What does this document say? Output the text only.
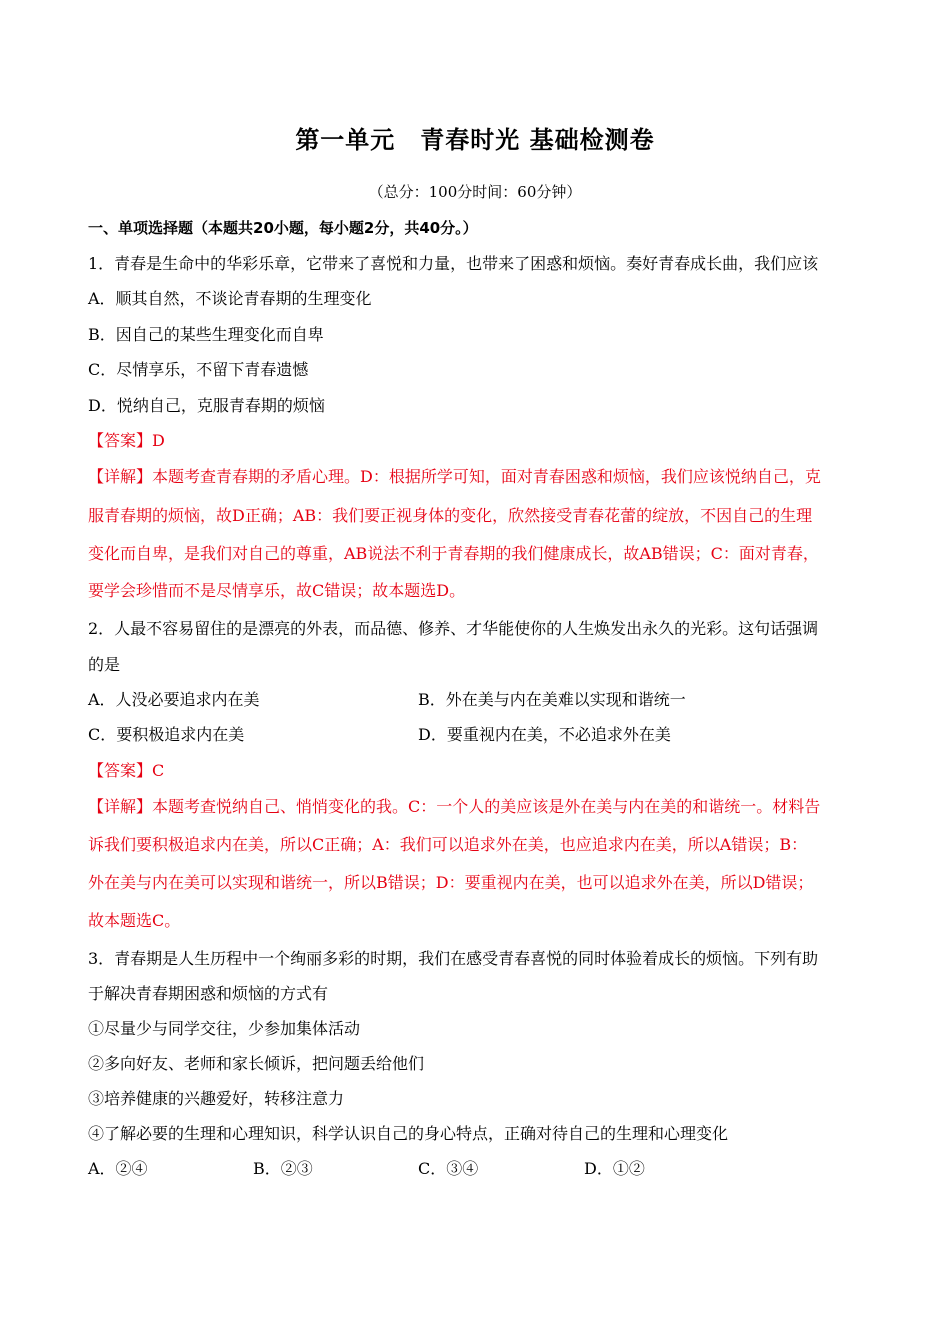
第一单元　青春时光 基础检测卷
（总分：100分时间：60分钟）
一、单项选择题（本题共20小题，每小题2分，共40分。）
1．青春是生命中的华彩乐章，它带来了喜悦和力量，也带来了困惑和烦恼。奏好青春成长曲，我们应该
A．顺其自然，不谈论青春期的生理变化
B．因自己的某些生理变化而自卑
C．尽情享乐，不留下青春遗憾
D．悦纳自己，克服青春期的烦恼
【答案】D
【详解】本题考查青春期的矛盾心理。D：根据所学可知，面对青春困惑和烦恼，我们应该悦纳自己，克
服青春期的烦恼，故D正确；AB：我们要正视身体的变化，欣然接受青春花蕾的绽放，不因自己的生理
变化而自卑，是我们对自己的尊重，AB说法不利于青春期的我们健康成长，故AB错误；C：面对青春，
要学会珍惜而不是尽情享乐，故C错误；故本题选D。
2．人最不容易留住的是漂亮的外表，而品德、修养、才华能使你的人生焕发出永久的光彩。这句话强调
的是
A．人没必要追求内在美	B．外在美与内在美难以实现和谐统一
C．要积极追求内在美	D．要重视内在美，不必追求外在美
【答案】C
【详解】本题考查悦纳自己、悄悄变化的我。C：一个人的美应该是外在美与内在美的和谐统一。材料告
诉我们要积极追求内在美，所以C正确；A：我们可以追求外在美，也应追求内在美，所以A错误；B：
外在美与内在美可以实现和谐统一，所以B错误；D：要重视内在美，也可以追求外在美，所以D错误；
故本题选C。
3．青春期是人生历程中一个绚丽多彩的时期，我们在感受青春喜悦的同时体验着成长的烦恼。下列有助
于解决青春期困惑和烦恼的方式有
①尽量少与同学交往，少参加集体活动
②多向好友、老师和家长倾诉，把问题丢给他们
③培养健康的兴趣爱好，转移注意力
④了解必要的生理和心理知识，科学认识自己的身心特点，正确对待自己的生理和心理变化
A．②④	B．②③	C．③④	D．①②
